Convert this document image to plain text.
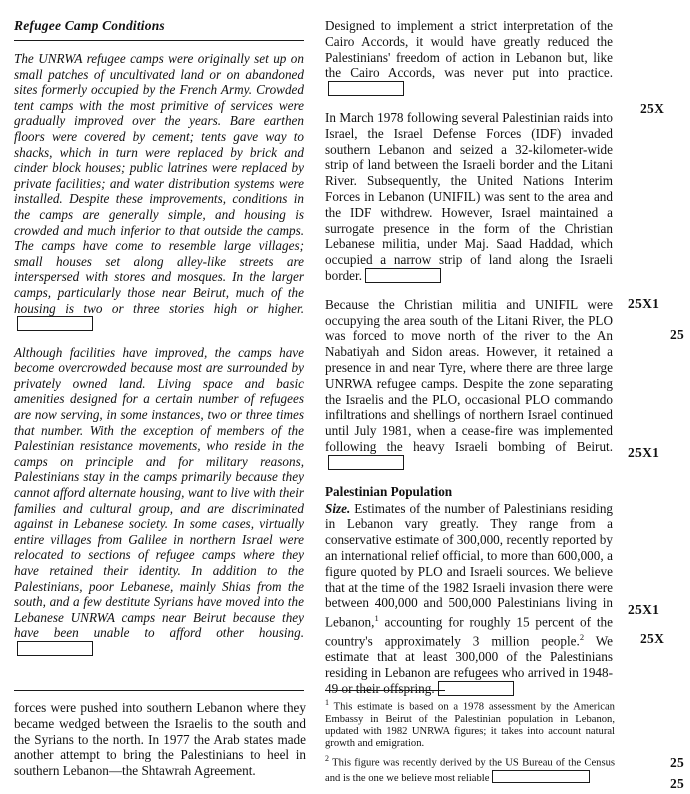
Refugee Camp Conditions

The UNRWA refugee camps were originally set up on small patches of uncultivated land or on abandoned sites formerly occupied by the French Army. Crowded tent camps with the most primitive of services were gradually improved over the years. Bare earthen floors were covered by cement; tents gave way to shacks, which in turn were replaced by brick and cinder block houses; public latrines were replaced by private facilities; and water distribution systems were installed. Despite these improvements, conditions in the camps are generally simple, and housing is crowded and much inferior to that outside the camps. The camps have come to resemble large villages; small houses set along alley-like streets are interspersed with stores and mosques. In the larger camps, particularly those near Beirut, much of the housing is two or three stories high or higher.

Although facilities have improved, the camps have become overcrowded because most are surrounded by privately owned land. Living space and basic amenities designed for a certain number of refugees are now serving, in some instances, two or three times that number. With the exception of members of the Palestinian resistance movements, who reside in the camps on principle and for military reasons, Palestinians stay in the camps primarily because they cannot afford alternate housing, want to live with their families and cultural group, and are discriminated against in Lebanese society. In some cases, virtually entire villages from Galilee in northern Israel were relocated to sections of refugee camps where they have retained their identity. In addition to the Palestinians, poor Lebanese, mainly Shias from the south, and a few destitute Syrians have moved into the Lebanese UNRWA camps near Beirut because they have been unable to afford other housing.

Designed to implement a strict interpretation of the Cairo Accords, it would have greatly reduced the Palestinians' freedom of action in Lebanon but, like the Cairo Accords, was never put into practice.

In March 1978 following several Palestinian raids into Israel, the Israel Defense Forces (IDF) invaded southern Lebanon and seized a 32-kilometer-wide strip of land between the Israeli border and the Litani River. Subsequently, the United Nations Interim Forces in Lebanon (UNIFIL) was sent to the area and the IDF withdrew. However, Israel maintained a surrogate presence in the form of the Christian Lebanese militia, under Maj. Saad Haddad, which occupied a narrow strip of land along the Israeli border.

Because the Christian militia and UNIFIL were occupying the area south of the Litani River, the PLO was forced to move north of the river to the An Nabatiyah and Sidon areas. However, it retained a presence in and near Tyre, where there are three large UNRWA refugee camps. Despite the zone separating the Israelis and the PLO, occasional PLO commando infiltrations and shellings of northern Israel continued until July 1981, when a cease-fire was implemented following the heavy Israeli bombing of Beirut.

Palestinian Population

Size. Estimates of the number of Palestinians residing in Lebanon vary greatly. They range from a conservative estimate of 300,000, recently reported by an international relief official, to more than 600,000, a figure quoted by PLO and Israeli sources. We believe that at the time of the 1982 Israeli invasion there were between 400,000 and 500,000 Palestinians living in Lebanon,$^1$ accounting for roughly 15 percent of the country's approximately 3 million people.$^2$ We estimate that at least 300,000 of the Palestinians residing in Lebanon are refugees who arrived in 1948-49 or their offspring.

forces were pushed into southern Lebanon where they became wedged between the Israelis to the south and the Syrians to the north. In 1977 the Arab states made another attempt to bring the Palestinians to heel in southern Lebanon—the Shtawrah Agreement.

$^1$ This estimate is based on a 1978 assessment by the American Embassy in Beirut of the Palestinian population in Lebanon, updated with 1982 UNRWA figures; it takes into account natural growth and emigration.

$^2$ This figure was recently derived by the US Bureau of the Census and is the one we believe most reliable

25X
25X1
25
25X1
25X1
25X
25
25
